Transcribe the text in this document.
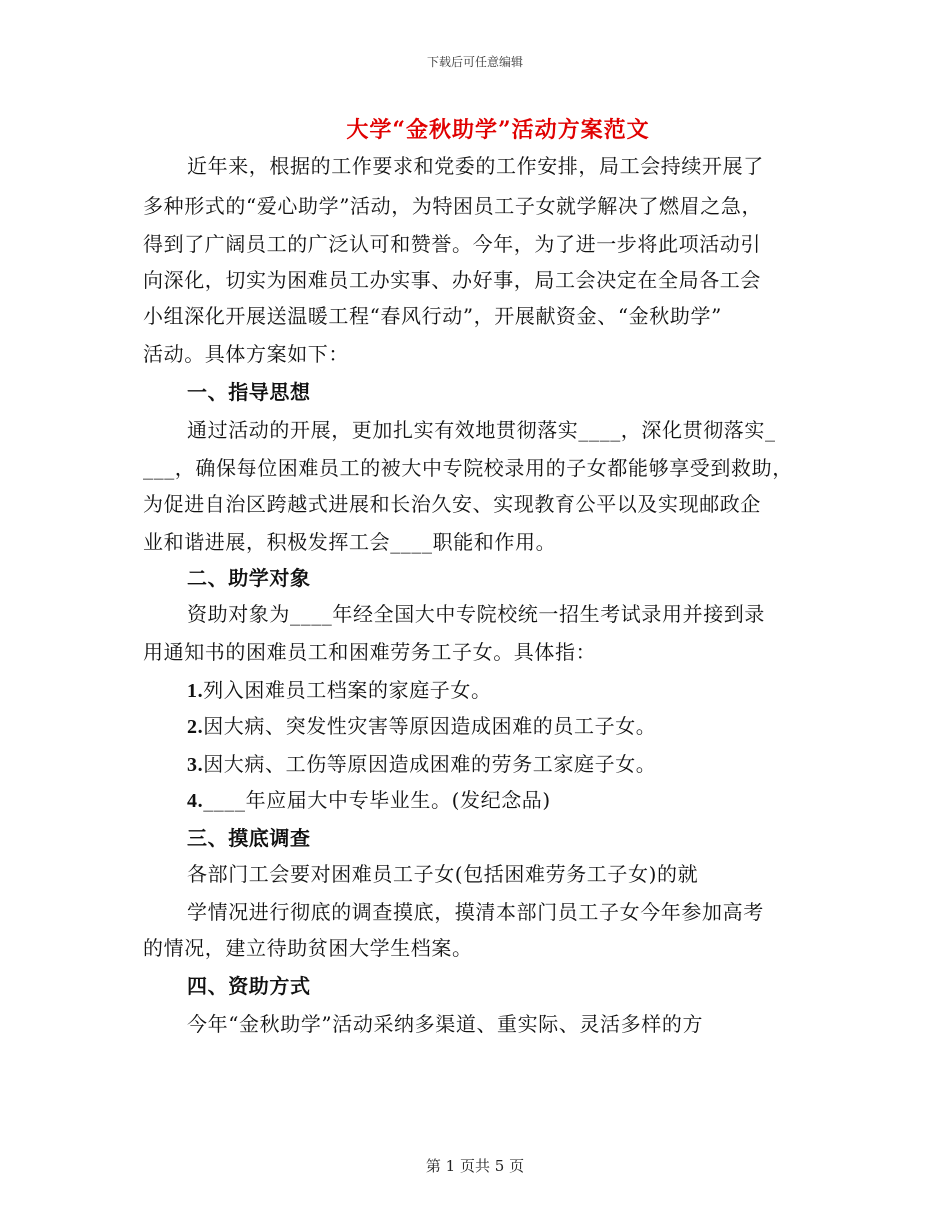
下载后可任意编辑
大学“金秋助学”活动方案范文
近年来，根据的工作要求和党委的工作安排，局工会持续开展了
多种形式的“爱心助学”活动，为特困员工子女就学解决了燃眉之急，
得到了广阔员工的广泛认可和赞誉。今年，为了进一步将此项活动引
向深化，切实为困难员工办实事、办好事，局工会决定在全局各工会
小组深化开展送温暖工程“春风行动”，开展献资金、“金秋助学”
活动。具体方案如下：
一、指导思想
通过活动的开展，更加扎实有效地贯彻落实____，深化贯彻落实_
___，确保每位困难员工的被大中专院校录用的子女都能够享受到救助，
为促进自治区跨越式进展和长治久安、实现教育公平以及实现邮政企
业和谐进展，积极发挥工会____职能和作用。
二、助学对象
资助对象为____年经全国大中专院校统一招生考试录用并接到录
用通知书的困难员工和困难劳务工子女。具体指：
1.列入困难员工档案的家庭子女。
2.因大病、突发性灾害等原因造成困难的员工子女。
3.因大病、工伤等原因造成困难的劳务工家庭子女。
4.____年应届大中专毕业生。(发纪念品)
三、摸底调查
各部门工会要对困难员工子女(包括困难劳务工子女)的就
学情况进行彻底的调查摸底，摸清本部门员工子女今年参加高考
的情况，建立待助贫困大学生档案。
四、资助方式
今年“金秋助学”活动采纳多渠道、重实际、灵活多样的方
第 1 页共 5 页
